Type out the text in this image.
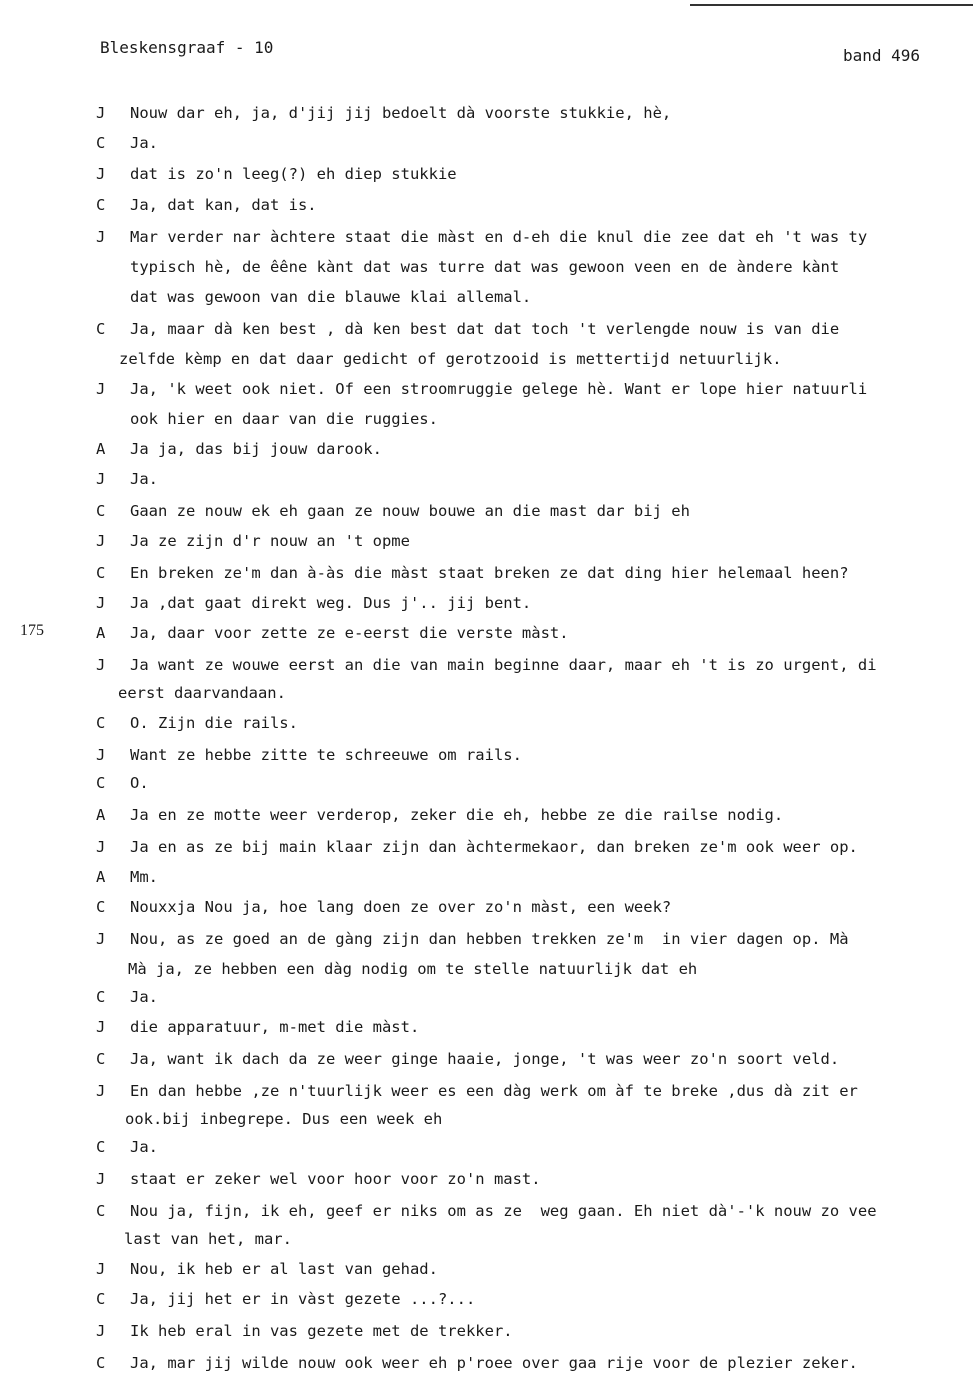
Bleskensgraaf - 10	band 496
175
J Nouw dar eh, ja, d'jij jij bedoelt dà voorste stukkie, hè,
C Ja.
J dat is zo'n leeg(?) eh diep stukkie
C Ja, dat kan, dat is.
J Mar verder nar àchtere staat die màst en d-eh die knul die zee dat eh 't was ty
typisch hè, de êêne kànt dat was turre dat was gewoon veen en de àndere kànt
dat was gewoon van die blauwe klai allemal.
C Ja, maar dà ken best , dà ken best dat dat toch 't verlengde nouw is van die
zelfde kèmp en dat daar gedicht of gerotzooid is mettertijd netuurlijk.
J Ja, 'k weet ook niet. Of een stroomruggie gelege hè. Want er lope hier natuurli
ook hier en daar van die ruggies.
A Ja ja, das bij jouw darook.
J Ja.
C Gaan ze nouw ek eh gaan ze nouw bouwe an die mast dar bij eh
J Ja ze zijn d'r nouw an 't opme
C En breken ze'm dan à-às die màst staat breken ze dat ding hier helemaal heen?
J Ja ,dat gaat direkt weg. Dus j'.. jij bent.
A Ja, daar voor zette ze e-eerst die verste màst.
J Ja want ze wouwe eerst an die van main beginne daar, maar eh 't is zo urgent, di
eerst daarvandaan.
C O. Zijn die rails.
J Want ze hebbe zitte te schreeuwe om rails.
C O.
A Ja en ze motte weer verderop, zeker die eh, hebbe ze die railse nodig.
J Ja en as ze bij main klaar zijn dan àchtermekaor, dan breken ze'm ook weer op.
A Mm.
C Nouxxja Nou ja, hoe lang doen ze over zo'n màst, een week?
J Nou, as ze goed an de gàng zijn dan hebben trekken ze'm  in vier dagen op. Mà
Mà ja, ze hebben een dàg nodig om te stelle natuurlijk dat eh
C Ja.
J die apparatuur, m-met die màst.
C Ja, want ik dach da ze weer ginge haaie, jonge, 't was weer zo'n soort veld.
J En dan hebbe ,ze n'tuurlijk weer es een dàg werk om àf te breke ,dus dà zit er
ook.bij inbegrepe. Dus een week eh
C Ja.
J staat er zeker wel voor hoor voor zo'n mast.
C Nou ja, fijn, ik eh, geef er niks om as ze  weg gaan. Eh niet dà'-'k nouw zo vee
last van het, mar.
J Nou, ik heb er al last van gehad.
C Ja, jij het er in vàst gezete ...?...
J Ik heb eral in vas gezete met de trekker.
C Ja, mar jij wilde nouw ook weer eh p'roee over gaa rije voor de plezier zeker.
